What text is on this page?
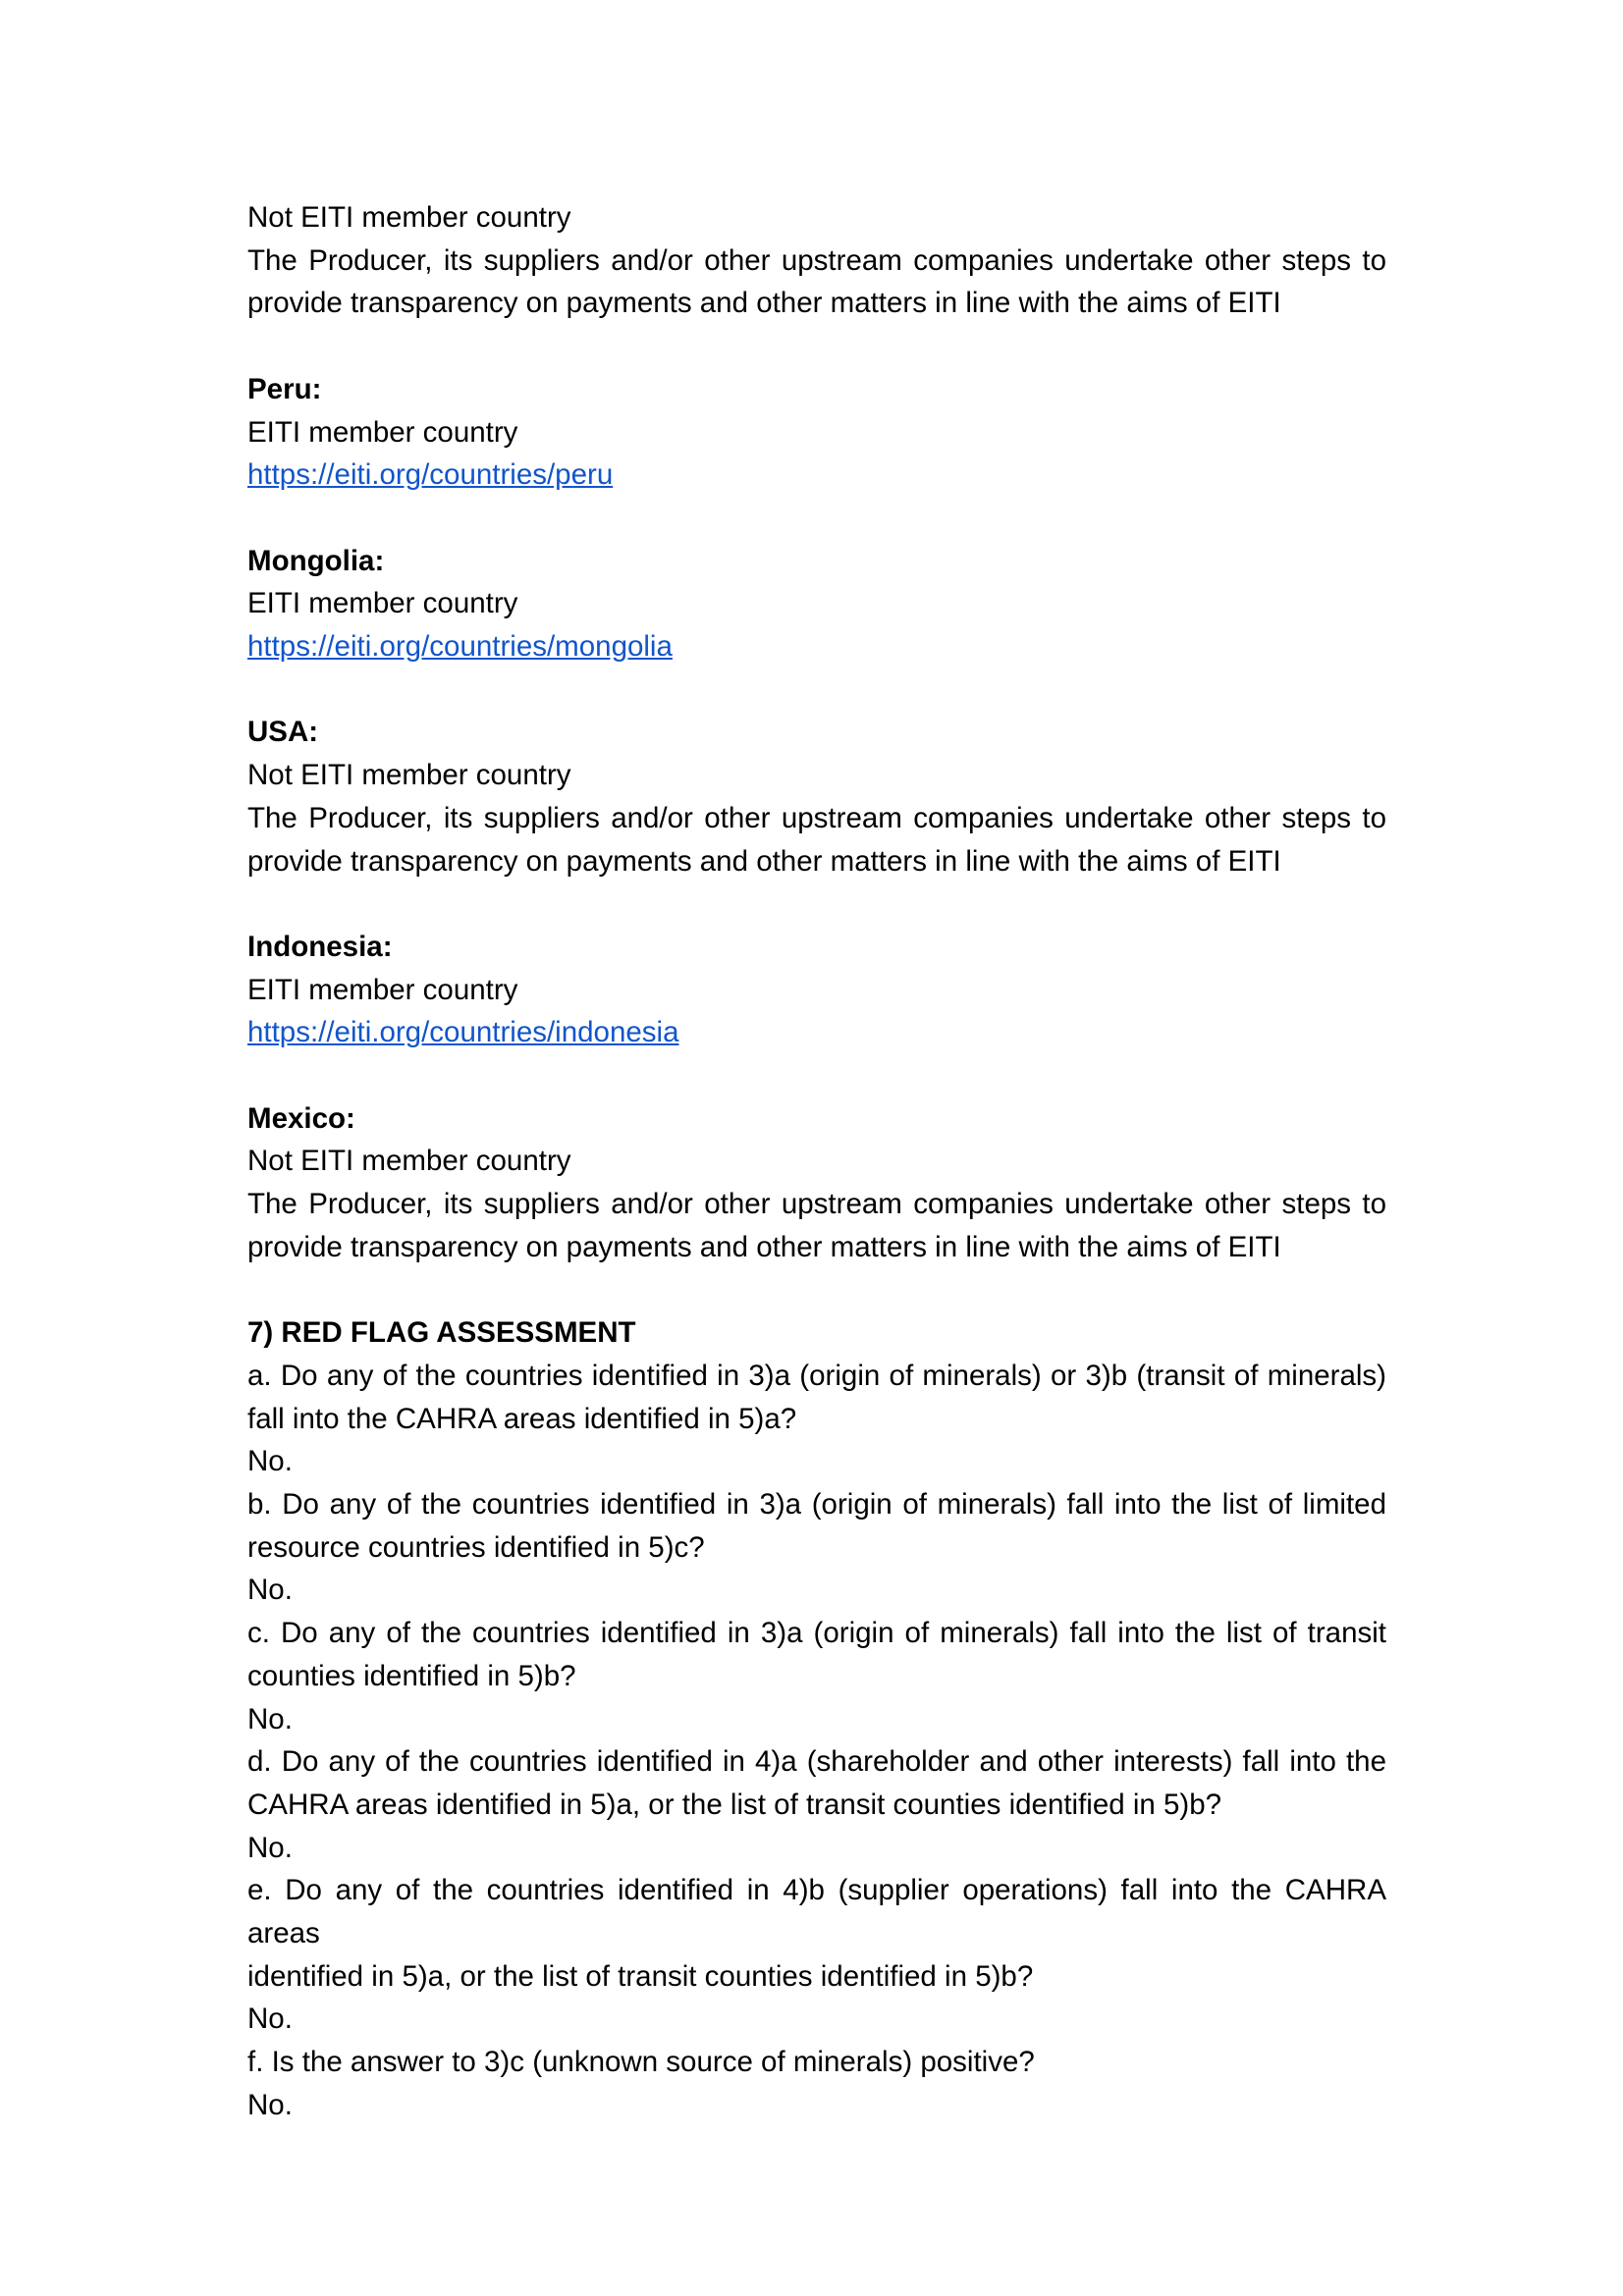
Not EITI member country
The Producer, its suppliers and/or other upstream companies undertake other steps to
provide transparency on payments and other matters in line with the aims of EITI
Peru:
EITI member country
https://eiti.org/countries/peru
Mongolia:
EITI member country
https://eiti.org/countries/mongolia
USA:
Not EITI member country
The Producer, its suppliers and/or other upstream companies undertake other steps to
provide transparency on payments and other matters in line with the aims of EITI
Indonesia:
EITI member country
https://eiti.org/countries/indonesia
Mexico:
Not EITI member country
The Producer, its suppliers and/or other upstream companies undertake other steps to
provide transparency on payments and other matters in line with the aims of EITI
7) RED FLAG ASSESSMENT
a. Do any of the countries identified in 3)a (origin of minerals) or 3)b (transit of minerals)
fall into the CAHRA areas identified in 5)a?
No.
b. Do any of the countries identified in 3)a (origin of minerals) fall into the list of limited
resource countries identified in 5)c?
No.
c. Do any of the countries identified in 3)a (origin of minerals) fall into the list of transit
counties identified in 5)b?
No.
d. Do any of the countries identified in 4)a (shareholder and other interests) fall into the
CAHRA areas identified in 5)a, or the list of transit counties identified in 5)b?
No.
e. Do any of the countries identified in 4)b (supplier operations) fall into the CAHRA areas
identified in 5)a, or the list of transit counties identified in 5)b?
No.
f. Is the answer to 3)c (unknown source of minerals) positive?
No.
